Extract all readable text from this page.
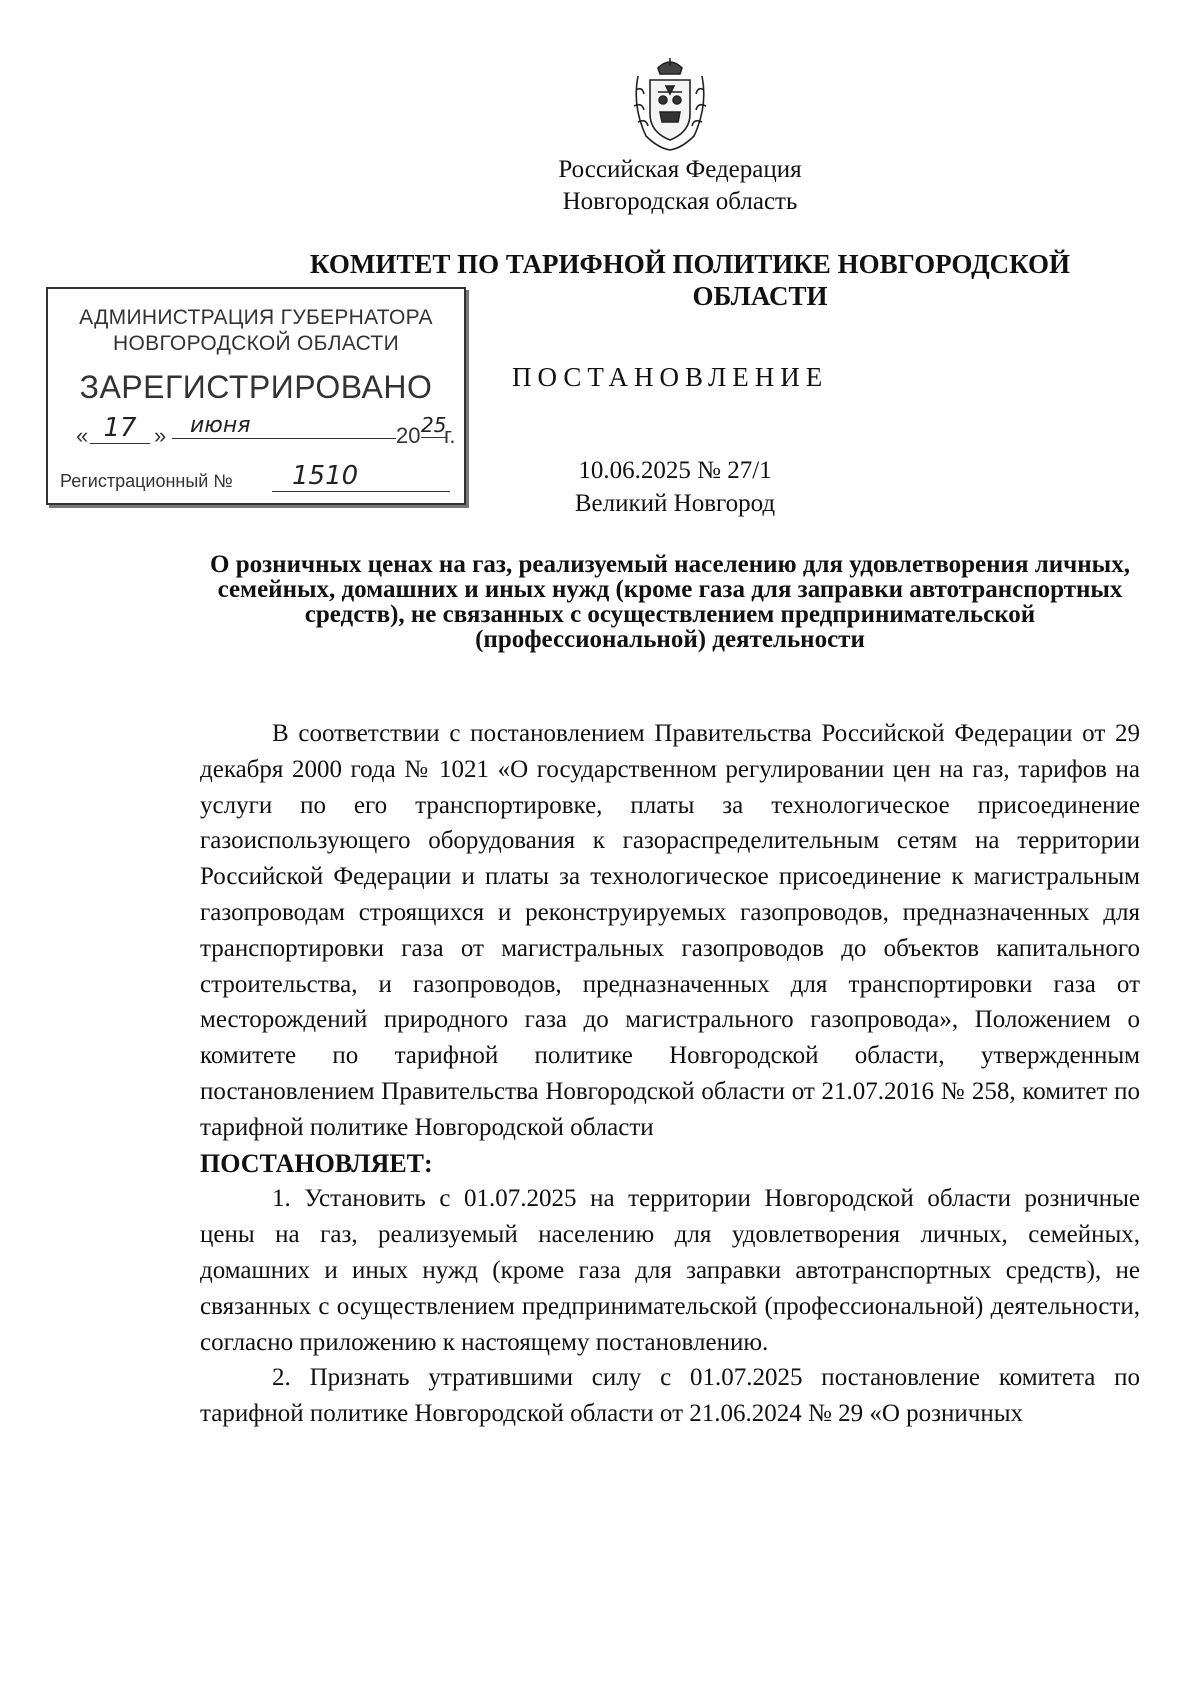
Российская Федерация
Новгородская область
КОМИТЕТ ПО ТАРИФНОЙ ПОЛИТИКЕ НОВГОРОДСКОЙ
ОБЛАСТИ
АДМИНИСТРАЦИЯ ГУБЕРНАТОРА
НОВГОРОДСКОЙ ОБЛАСТИ
ЗАРЕГИСТРИРОВАНО
« 17 »	июня	20 25
г.
Регистрационный №	1510
ПОСТАНОВЛЕНИЕ
10.06.2025 № 27/1
Великий Новгород
О розничных ценах на газ, реализуемый населению для удовлетворения личных, семейных, домашних и иных нужд (кроме газа для заправки автотранспортных средств), не связанных с осуществлением предпринимательской (профессиональной) деятельности

В соответствии с постановлением Правительства Российской Федерации от 29 декабря 2000 года № 1021 «О государственном регулировании цен на газ, тарифов на услуги по его транспортировке, платы за технологическое присоединение газоиспользующего оборудования к газораспределительным сетям на территории Российской Федерации и платы за технологическое присоединение к магистральным газопроводам строящихся и реконструируемых газопроводов, предназначенных для транспортировки газа от магистральных газопроводов до объектов капитального строительства, и газопроводов, предназначенных для транспортировки газа от месторождений природного газа до магистрального газопровода», Положением о комитете по тарифной политике Новгородской области, утвержденным постановлением Правительства Новгородской области от 21.07.2016 № 258, комитет по тарифной политике Новгородской области

ПОСТАНОВЛЯЕТ:

1. Установить с 01.07.2025 на территории Новгородской области розничные цены на газ, реализуемый населению для удовлетворения личных, семейных, домашних и иных нужд (кроме газа для заправки автотранспортных средств), не связанных с осуществлением предпринимательской (профессиональной) деятельности, согласно приложению к настоящему постановлению.

2. Признать утратившими силу с 01.07.2025 постановление комитета по тарифной политике Новгородской области от 21.06.2024 № 29 «О розничных
